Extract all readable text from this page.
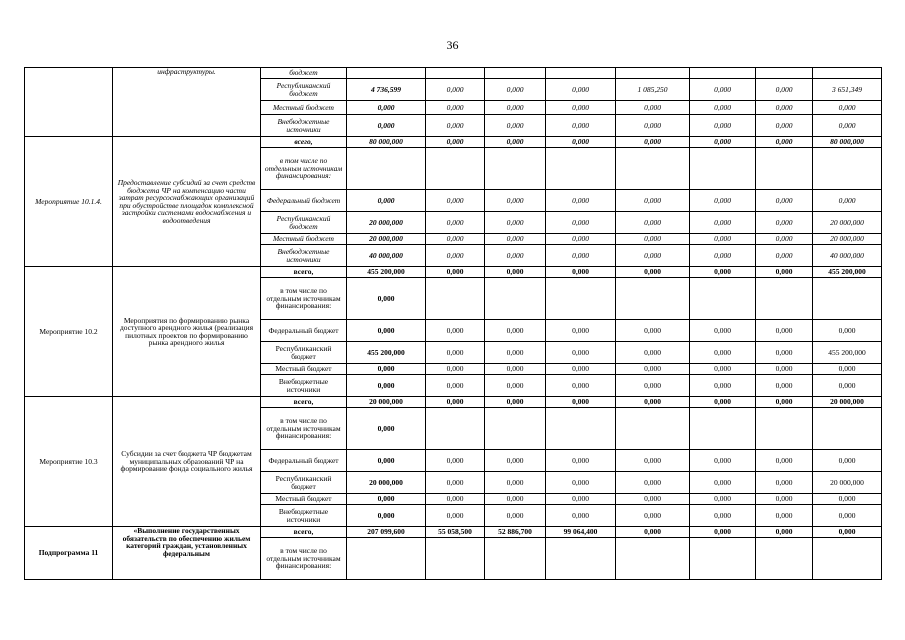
36
	инфраструктуры.	бюджет								
		Республиканский бюджет	4 736,599	0,000	0,000	0,000	1 085,250	0,000	0,000	3 651,349
		Местный бюджет	0,000	0,000	0,000	0,000	0,000	0,000	0,000	0,000
		Внебюджетные источники	0,000	0,000	0,000	0,000	0,000	0,000	0,000	0,000
Мероприятие 10.1.4.	Предоставление субсидий за счет средств бюджета ЧР на компенсацию части затрат ресурсоснабжающих организаций при обустройстве площадок комплексной застройки системами водоснабжения и водоотведения	всего,	80 000,000	0,000	0,000	0,000	0,000	0,000	0,000	80 000,000
		в том числе по отдельным источникам финансирования:								
		Федеральный бюджет	0,000	0,000	0,000	0,000	0,000	0,000	0,000	0,000
		Республиканский бюджет	20 000,000	0,000	0,000	0,000	0,000	0,000	0,000	20 000,000
		Местный бюджет	20 000,000	0,000	0,000	0,000	0,000	0,000	0,000	20 000,000
		Внебюджетные источники	40 000,000	0,000	0,000	0,000	0,000	0,000	0,000	40 000,000
Мероприятие 10.2	Мероприятия по формированию рынка доступного арендного жилья (реализация пилотных проектов по формированию рынка арендного жилья	всего,	455 200,000	0,000	0,000	0,000	0,000	0,000	0,000	455 200,000
		в том числе по отдельным источникам финансирования:	0,000							
		Федеральный бюджет	0,000	0,000	0,000	0,000	0,000	0,000	0,000	0,000
		Республиканский бюджет	455 200,000	0,000	0,000	0,000	0,000	0,000	0,000	455 200,000
		Местный бюджет	0,000	0,000	0,000	0,000	0,000	0,000	0,000	0,000
		Внебюджетные источники	0,000	0,000	0,000	0,000	0,000	0,000	0,000	0,000
Мероприятие 10.3	Субсидии за счет бюджета ЧР бюджетам муниципальных образований ЧР на формирование фонда социального жилья	всего,	20 000,000	0,000	0,000	0,000	0,000	0,000	0,000	20 000,000
		в том числе по отдельным источникам финансирования:	0,000							
		Федеральный бюджет	0,000	0,000	0,000	0,000	0,000	0,000	0,000	0,000
		Республиканский бюджет	20 000,000	0,000	0,000	0,000	0,000	0,000	0,000	20 000,000
		Местный бюджет	0,000	0,000	0,000	0,000	0,000	0,000	0,000	0,000
		Внебюджетные источники	0,000	0,000	0,000	0,000	0,000	0,000	0,000	0,000
Подпрограмма 11	«Выполнение государственных обязательств по обеспечению жильем категорий граждан, установленных федеральным	всего,	207 099,600	55 058,500	52 886,700	99 064,400	0,000	0,000	0,000	0,000
		в том числе по отдельным источникам финансирования:								
